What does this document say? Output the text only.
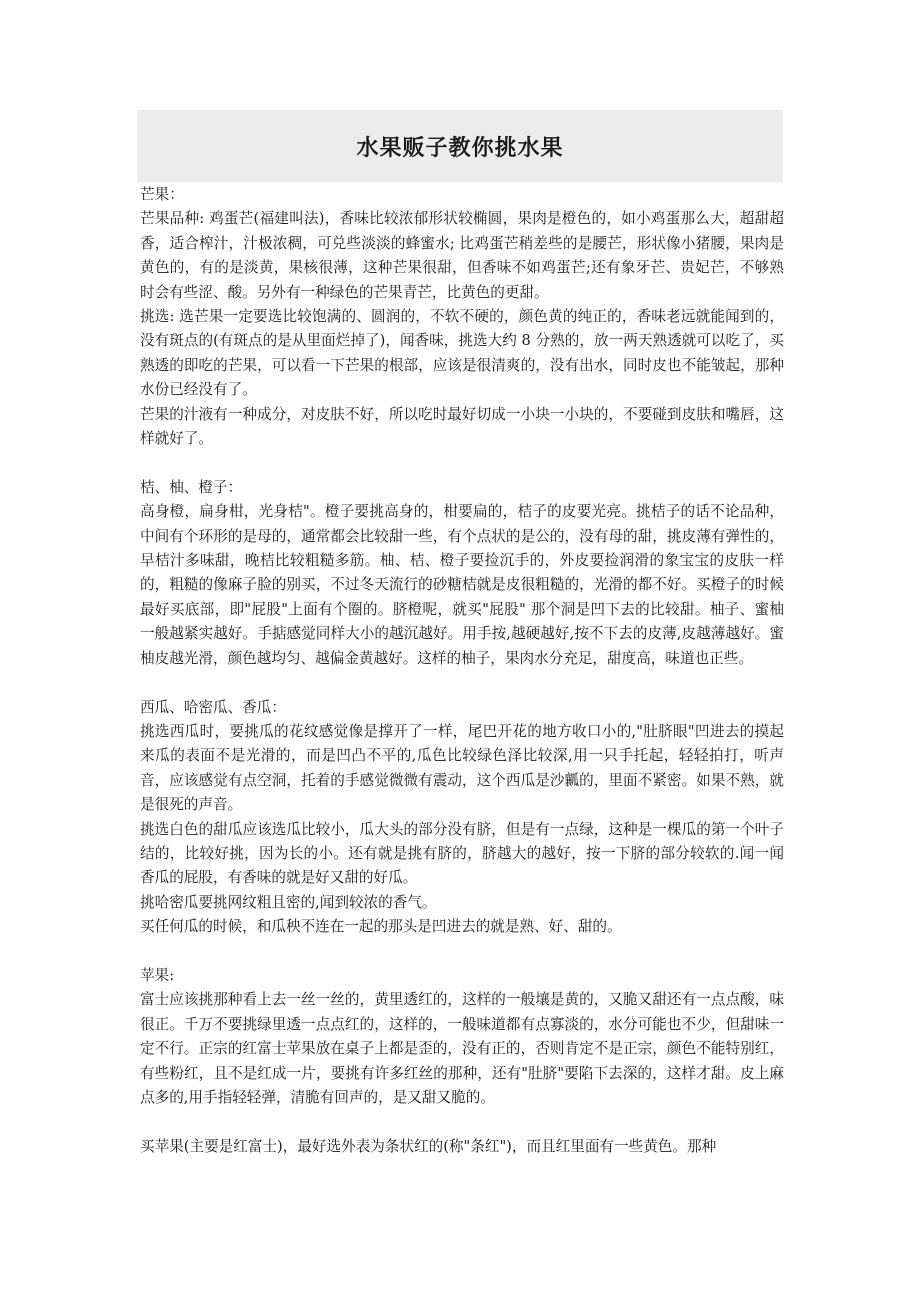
水果贩子教你挑水果

芒果：

芒果品种: 鸡蛋芒(福建叫法)，香味比较浓郁形状较椭圆，果肉是橙色的，如小鸡蛋那么大，超甜超香，适合榨汁，汁极浓稠，可兑些淡淡的蜂蜜水; 比鸡蛋芒稍差些的是腰芒，形状像小猪腰，果肉是黄色的，有的是淡黄，果核很薄，这种芒果很甜，但香味不如鸡蛋芒;还有象牙芒、贵妃芒，不够熟时会有些涩、酸。另外有一种绿色的芒果青芒，比黄色的更甜。

挑选: 选芒果一定要选比较饱满的、圆润的，不软不硬的，颜色黄的纯正的，香味老远就能闻到的，没有斑点的(有斑点的是从里面烂掉了)，闻香味，挑选大约 8 分熟的，放一两天熟透就可以吃了，买熟透的即吃的芒果，可以看一下芒果的根部，应该是很清爽的，没有出水，同时皮也不能皱起，那种水份已经没有了。

芒果的汁液有一种成分，对皮肤不好，所以吃时最好切成一小块一小块的，不要碰到皮肤和嘴唇，这样就好了。

桔、柚、橙子：

高身橙，扁身柑，光身桔"。橙子要挑高身的，柑要扁的，桔子的皮要光亮。挑桔子的话不论品种，中间有个环形的是母的，通常都会比较甜一些，有个点状的是公的，没有母的甜，挑皮薄有弹性的，早桔汁多味甜，晚桔比较粗糙多筋。柚、桔、橙子要捡沉手的，外皮要捡润滑的象宝宝的皮肤一样的，粗糙的像麻子脸的别买，不过冬天流行的砂糖桔就是皮很粗糙的，光滑的都不好。买橙子的时候最好买底部，即"屁股"上面有个圈的。脐橙呢，就买"屁股" 那个洞是凹下去的比较甜。柚子、蜜柚一般越紧实越好。手掂感觉同样大小的越沉越好。用手按,越硬越好,按不下去的皮薄,皮越薄越好。蜜柚皮越光滑，颜色越均匀、越偏金黄越好。这样的柚子，果肉水分充足，甜度高，味道也正些。

西瓜、哈密瓜、香瓜：

挑选西瓜时，要挑瓜的花纹感觉像是撑开了一样，尾巴开花的地方收口小的,"肚脐眼"凹进去的摸起来瓜的表面不是光滑的，而是凹凸不平的,瓜色比较绿色泽比较深,用一只手托起，轻轻拍打，听声音，应该感觉有点空洞，托着的手感觉微微有震动，这个西瓜是沙瓤的，里面不紧密。如果不熟，就是很死的声音。

挑选白色的甜瓜应该选瓜比较小，瓜大头的部分没有脐，但是有一点绿，这种是一棵瓜的第一个叶子结的，比较好挑，因为长的小。还有就是挑有脐的，脐越大的越好，按一下脐的部分较软的.闻一闻香瓜的屁股，有香味的就是好又甜的好瓜。

挑哈密瓜要挑网纹粗且密的,闻到较浓的香气。

买任何瓜的时候，和瓜秧不连在一起的那头是凹进去的就是熟、好、甜的。

苹果:

富士应该挑那种看上去一丝一丝的，黄里透红的，这样的一般壤是黄的，又脆又甜还有一点点酸，味很正。千万不要挑绿里透一点点红的，这样的，一般味道都有点寡淡的，水分可能也不少，但甜味一定不行。正宗的红富士苹果放在桌子上都是歪的，没有正的，否则肯定不是正宗，颜色不能特别红，有些粉红，且不是红成一片，要挑有许多红丝的那种，还有"肚脐"要陷下去深的，这样才甜。皮上麻点多的,用手指轻轻弹，清脆有回声的，是又甜又脆的。

买苹果(主要是红富士)，最好选外表为条状红的(称"条红")，而且红里面有一些黄色。那种
